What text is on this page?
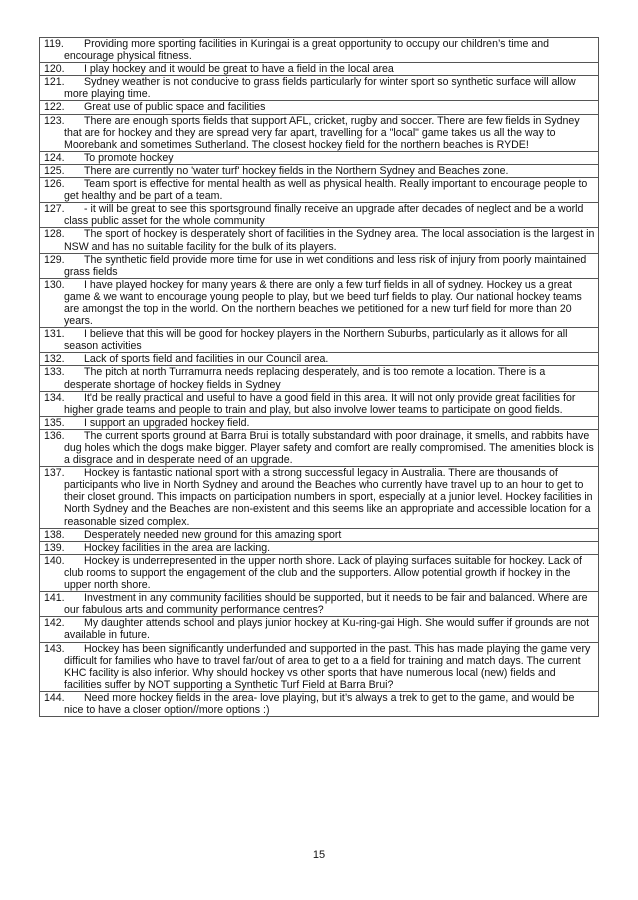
119. Providing more sporting facilities in Kuringai is a great opportunity to occupy our children’s time and encourage physical fitness.

120. I play hockey and it would be great to have a field in the local area

121. Sydney weather is not conducive to grass fields particularly for winter sport so synthetic surface will allow more playing time.

122. Great use of public space and facilities

123. There are enough sports fields that support AFL, cricket, rugby and soccer. There are few fields in Sydney that are for hockey and they are spread very far apart, travelling for a "local" game takes us all the way to Moorebank and sometimes Sutherland. The closest hockey field for the northern beaches is RYDE!

124. To promote hockey

125. There are currently no 'water turf' hockey fields in the Northern Sydney and Beaches zone.

126. Team sport is effective for mental health as well as physical health. Really important to encourage people to get healthy and be part of a team.

127. - it will be great to see this sportsground finally receive an upgrade after decades of neglect and be a world class public asset for the whole community

128. The sport of hockey is desperately short of facilities in the Sydney area. The local association is the largest in NSW and has no suitable facility for the bulk of its players.

129. The synthetic field provide more time for use in wet conditions and less risk of injury from poorly maintained grass fields

130. I have played hockey for many years & there are only a few turf fields in all of sydney. Hockey us a great game & we want to encourage young people to play, but we beed turf fields to play. Our national hockey teams are amongst the top in the world. On the northern beaches we petitioned for a new turf field for more than 20 years.

131. I believe that this will be good for hockey players in the Northern Suburbs, particularly as it allows for all season activities

132. Lack of sports field and facilities in our Council area.

133. The pitch at north Turramurra needs replacing desperately, and is too remote a location. There is a desperate shortage of hockey fields in Sydney

134. It'd be really practical and useful to have a good field in this area. It will not only provide great facilities for higher grade teams and people to train and play, but also involve lower teams to participate on good fields.

135. I support an upgraded hockey field.

136. The current sports ground at Barra Brui is totally substandard with poor drainage, it smells, and rabbits have dug holes which the dogs make bigger. Player safety and comfort are really compromised. The amenities block is a disgrace and in desperate need of an upgrade.

137. Hockey is fantastic national sport with a strong successful legacy in Australia. There are thousands of participants who live in North Sydney and around the Beaches who currently have travel up to an hour to get to their closet ground. This impacts on participation numbers in sport, especially at a junior level. Hockey facilities in North Sydney and the Beaches are non-existent and this seems like an appropriate and accessible location for a reasonable sized complex.

138. Desperately needed new ground for this amazing sport

139. Hockey facilities in the area are lacking.

140. Hockey is underrepresented in the upper north shore. Lack of playing surfaces suitable for hockey. Lack of club rooms to support the engagement of the club and the supporters. Allow potential growth if hockey in the upper north shore.

141. Investment in any community facilities should be supported, but it needs to be fair and balanced. Where are our fabulous arts and community performance centres?

142. My daughter attends school and plays junior hockey at Ku-ring-gai High. She would suffer if grounds are not available in future.

143. Hockey has been significantly underfunded and supported in the past. This has made playing the game very difficult for families who have to travel far/out of area to get to a a field for training and match days. The current KHC facility is also inferior. Why should hockey vs other sports that have numerous local (new) fields and facilities suffer by NOT supporting a Synthetic Turf Field at Barra Brui?

144. Need more hockey fields in the area- love playing, but it’s always a trek to get to the game, and would be nice to have a closer option//more options :)
15
